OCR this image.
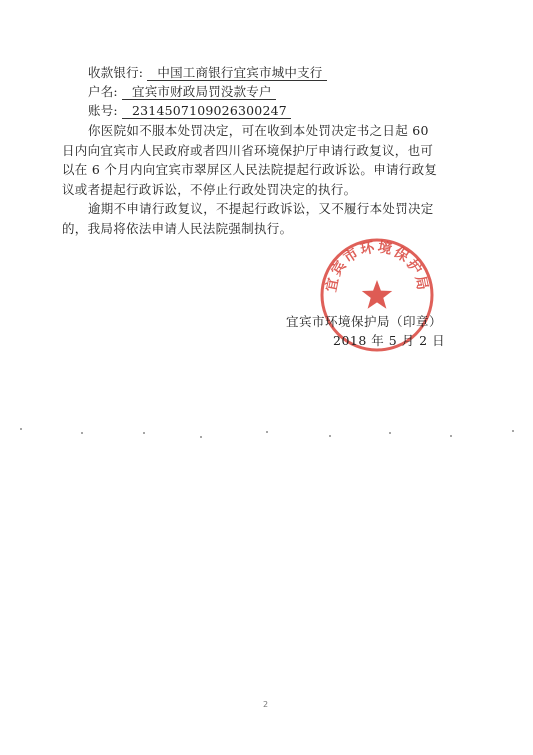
收款银行: 中国工商银行宜宾市城中支行
户名: 宜宾市财政局罚没款专户
账号: 2314507109026300247
你医院如不服本处罚决定，可在收到本处罚决定书之日起 60
日内向宜宾市人民政府或者四川省环境保护厅申请行政复议，也可
以在 6 个月内向宜宾市翠屏区人民法院提起行政诉讼。申请行政复
议或者提起行政诉讼，不停止行政处罚决定的执行。
逾期不申请行政复议，不提起行政诉讼，又不履行本处罚决定
的，我局将依法申请人民法院强制执行。
宜宾市环境保护局
宜宾市环境保护局（印章）
2018 年 5 月 2 日
2
